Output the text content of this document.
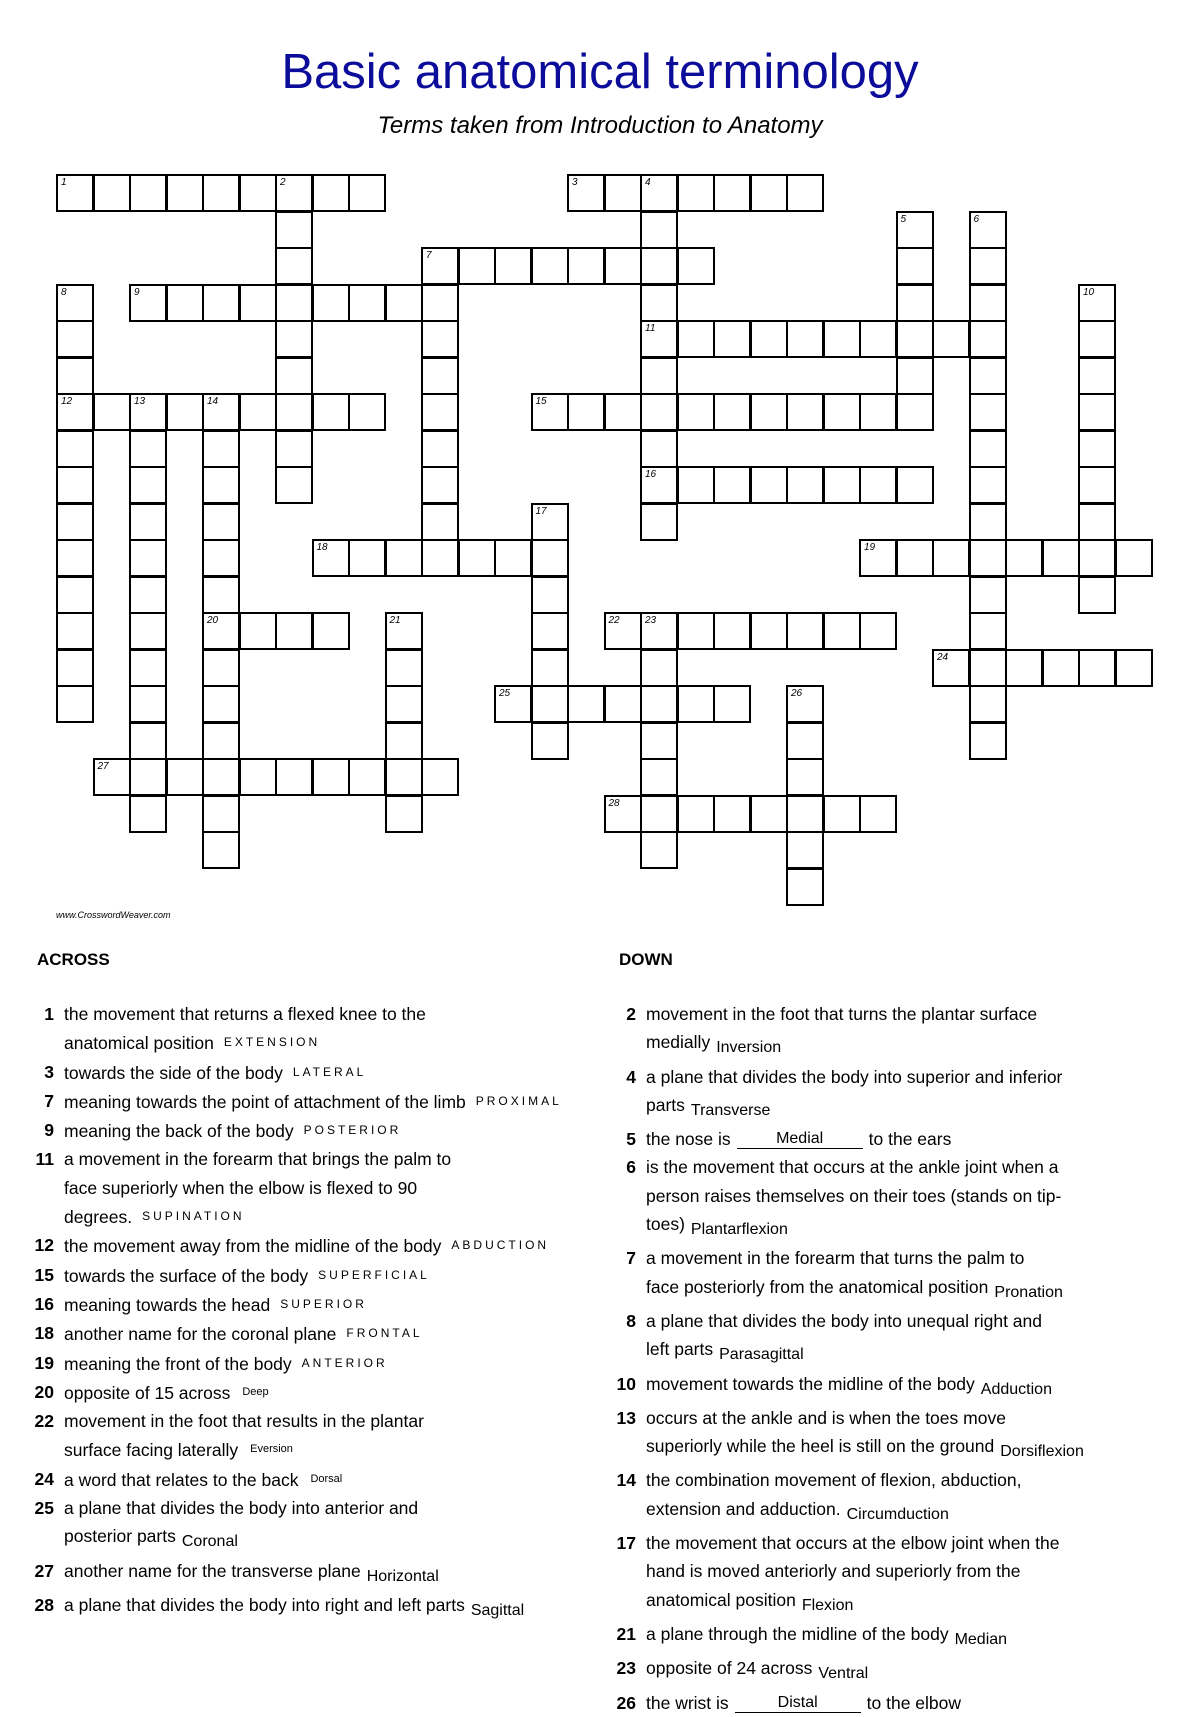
Basic anatomical terminology
Terms taken from Introduction to Anatomy
1	2	3	4
11
16
5	6
7
8	9	10
12	13	14
20
15
17
18	19
21	22	23
24
25	26
27
28
www.CrosswordWeaver.com
ACROSS	DOWN
1 the movement that returns a flexed knee to the
anatomical position EXTENSION
3 towards the side of the body LATERAL
7 meaning towards the point of attachment of the limb PROXIMAL
9 meaning the back of the body POSTERIOR
11 a movement in the forearm that brings the palm to
face superiorly when the elbow is flexed to 90
degrees. SUPINATION
12 the movement away from the midline of the body ABDUCTION
15 towards the surface of the body SUPERFICIAL
16 meaning towards the head SUPERIOR
18 another name for the coronal plane FRONTAL
19 meaning the front of the body ANTERIOR
20 opposite of 15 across $^{Deep}$
22 movement in the foot that results in the plantar
surface facing laterally $^{Eversion}$
24 a word that relates to the back $^{Dorsal}$
25 a plane that divides the body into anterior and
posterior parts Coronal
27 another name for the transverse plane Horizontal
28 a plane that divides the body into right and left parts Sagittal
2 movement in the foot that turns the plantar surface
medially Inversion
4 a plane that divides the body into superior and inferior
parts Transverse
5 the nose is	Medial	to the ears
6 is the movement that occurs at the ankle joint when a
person raises themselves on their toes (stands on tip-
toes) Plantarflexion
7 a movement in the forearm that turns the palm to
face posteriorly from the anatomical position Pronation
8 a plane that divides the body into unequal right and
left parts Parasagittal
10 movement towards the midline of the body Adduction
13 occurs at the ankle and is when the toes move
superiorly while the heel is still on the ground Dorsiflexion
14 the combination movement of flexion, abduction,
extension and adduction. Circumduction
17 the movement that occurs at the elbow joint when the
hand is moved anteriorly and superiorly from the
anatomical position Flexion
21 a plane through the midline of the body Median
23 opposite of 24 across Ventral
26 the wrist is	Distal	to the elbow
